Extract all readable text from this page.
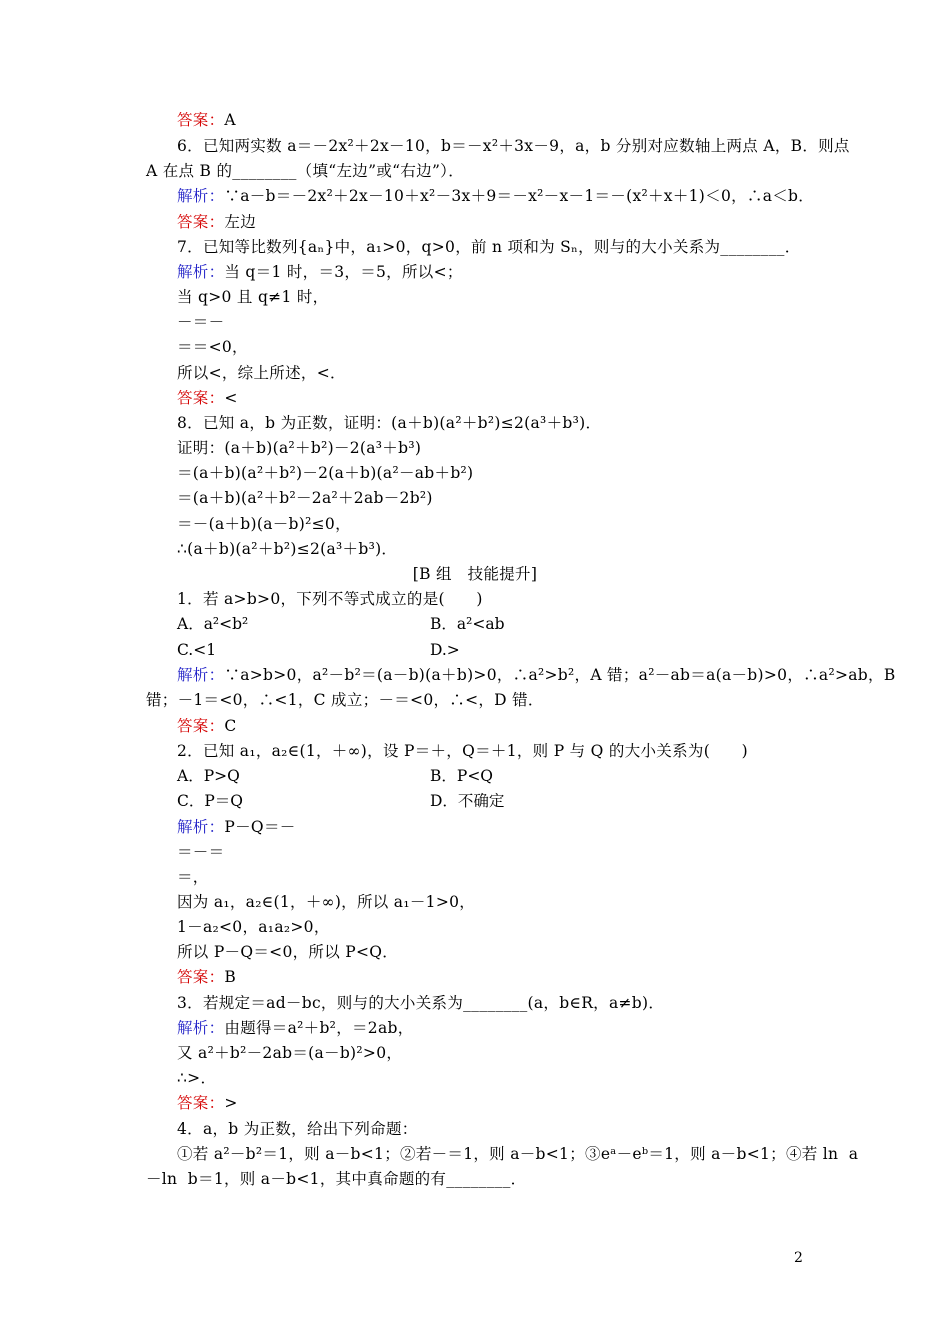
答案：A
6．已知两实数 a＝－2x²＋2x－10，b＝－x²＋3x－9，a，b 分别对应数轴上两点 A，B．则点
A 在点 B 的________（填“左边”或“右边”）．
解析：∵a－b＝－2x²＋2x－10＋x²－3x＋9＝－x²－x－1＝－(x²＋x＋1)＜0，∴a＜b．
答案：左边
7．已知等比数列{aₙ}中，a₁>0，q>0，前 n 项和为 Sₙ，则与的大小关系为________．
解析：当 q＝1 时，＝3，＝5，所以<；
当 q>0 且 q≠1 时，
－＝－
＝＝<0，
所以<，综上所述，<．
答案：<
8．已知 a，b 为正数，证明：(a＋b)(a²＋b²)≤2(a³＋b³)．
证明：(a＋b)(a²＋b²)－2(a³＋b³)
＝(a＋b)(a²＋b²)－2(a＋b)(a²－ab＋b²)
＝(a＋b)(a²＋b²－2a²＋2ab－2b²)
＝－(a＋b)(a－b)²≤0，
∴(a＋b)(a²＋b²)≤2(a³＋b³)．
[B 组　技能提升]
1．若 a>b>0，下列不等式成立的是(　　)
解析：∵a>b>0，a²－b²＝(a－b)(a＋b)>0，∴a²>b²，A 错；a²－ab＝a(a－b)>0，∴a²>ab，B
错；－1＝<0，∴<1，C 成立；－＝<0，∴<，D 错．
答案：C
2．已知 a₁，a₂∈(1，＋∞)，设 P＝＋，Q＝＋1，则 P 与 Q 的大小关系为(　　)
解析：P－Q＝－
＝－＝
＝，
因为 a₁，a₂∈(1，＋∞)，所以 a₁－1>0，
1－a₂<0，a₁a₂>0，
所以 P－Q＝<0，所以 P<Q．
答案：B
3．若规定＝ad－bc，则与的大小关系为________(a，b∈R，a≠b)．
解析：由题得＝a²＋b²，＝2ab，
又 a²＋b²－2ab＝(a－b)²>0，
∴>．
答案：>
4．a，b 为正数，给出下列命题：
①若 a²－b²＝1，则 a－b<1；②若－＝1，则 a－b<1；③eᵃ－eᵇ＝1，则 a－b<1；④若 ln  a
－ln  b＝1，则 a－b<1，其中真命题的有________．
A．a²<b²	B．a²<ab
C.<1	D.>
A．P>Q	B．P<Q
C．P＝Q	D．不确定
2
